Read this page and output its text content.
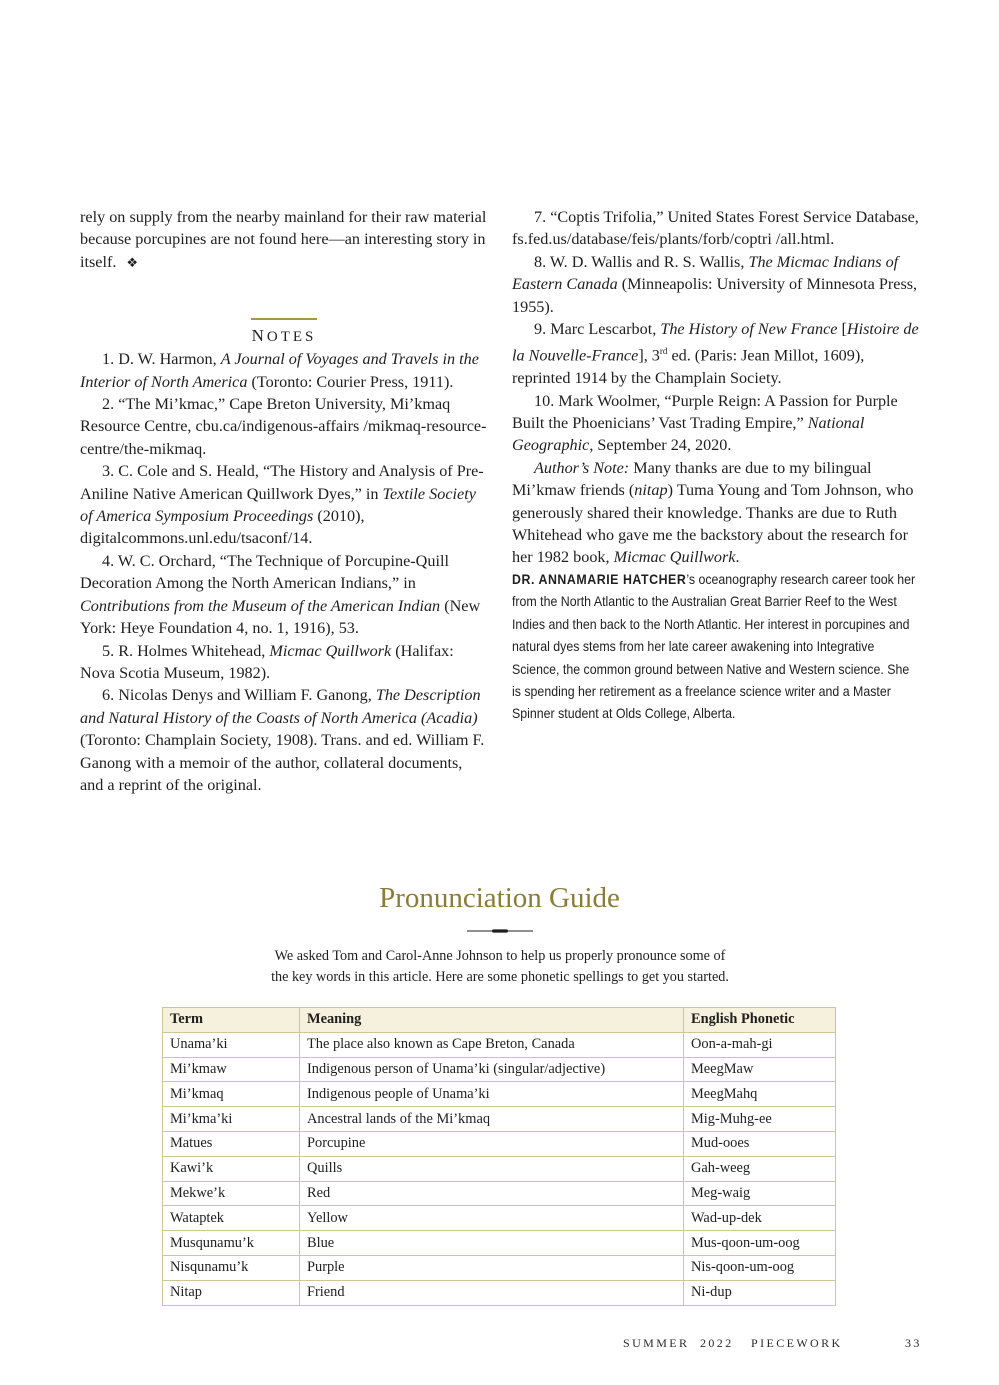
rely on supply from the nearby mainland for their raw material because porcupines are not found here—an interesting story in itself. ❖

NOTES

1. D. W. Harmon, A Journal of Voyages and Travels in the Interior of North America (Toronto: Courier Press, 1911).

2. “The Mi’kmac,” Cape Breton University, Mi’kmaq Resource Centre, cbu.ca/indigenous-affairs /mikmaq-resource-centre/the-mikmaq.

3. C. Cole and S. Heald, “The History and Analysis of Pre-Aniline Native American Quillwork Dyes,” in Textile Society of America Symposium Proceedings (2010), digitalcommons.unl.edu/tsaconf/14.

4. W. C. Orchard, “The Technique of Porcupine-Quill Decoration Among the North American Indians,” in Contributions from the Museum of the American Indian (New York: Heye Foundation 4, no. 1, 1916), 53.

5. R. Holmes Whitehead, Micmac Quillwork (Halifax: Nova Scotia Museum, 1982).

6. Nicolas Denys and William F. Ganong, The Description and Natural History of the Coasts of North America (Acadia) (Toronto: Champlain Society, 1908). Trans. and ed. William F. Ganong with a memoir of the author, collateral documents, and a reprint of the original.

7. “Coptis Trifolia,” United States Forest Service Database, fs.fed.us/database/feis/plants/forb/coptri /all.html.

8. W. D. Wallis and R. S. Wallis, The Micmac Indians of Eastern Canada (Minneapolis: University of Minnesota Press, 1955).

9. Marc Lescarbot, The History of New France [Histoire de la Nouvelle-France], 3rd ed. (Paris: Jean Millot, 1609), reprinted 1914 by the Champlain Society.

10. Mark Woolmer, “Purple Reign: A Passion for Purple Built the Phoenicians’ Vast Trading Empire,” National Geographic, September 24, 2020.

Author’s Note: Many thanks are due to my bilingual Mi’kmaw friends (nitap) Tuma Young and Tom Johnson, who generously shared their knowledge. Thanks are due to Ruth Whitehead who gave me the backstory about the research for her 1982 book, Micmac Quillwork.

DR. ANNAMARIE HATCHER’s oceanography research career took her from the North Atlantic to the Australian Great Barrier Reef to the West Indies and then back to the North Atlantic. Her interest in porcupines and natural dyes stems from her late career awakening into Integrative Science, the common ground between Native and Western science. She is spending her retirement as a freelance science writer and a Master Spinner student at Olds College, Alberta.

Pronunciation Guide
We asked Tom and Carol-Anne Johnson to help us properly pronounce some of
the key words in this article. Here are some phonetic spellings to get you started.
Term	Meaning	English Phonetic
Unama’ki	The place also known as Cape Breton, Canada	Oon-a-mah-gi
Mi’kmaw	Indigenous person of Unama’ki (singular/adjective)	MeegMaw
Mi’kmaq	Indigenous people of Unama’ki	MeegMahq
Mi’kma’ki	Ancestral lands of the Mi’kmaq	Mig-Muhg-ee
Matues	Porcupine	Mud-ooes
Kawi’k	Quills	Gah-weeg
Mekwe’k	Red	Meg-waig
Wataptek	Yellow	Wad-up-dek
Musqunamu’k	Blue	Mus-qoon-um-oog
Nisqunamu’k	Purple	Nis-qoon-um-oog
Nitap	Friend	Ni-dup
SUMMER 2022 PIECEWORK	33
